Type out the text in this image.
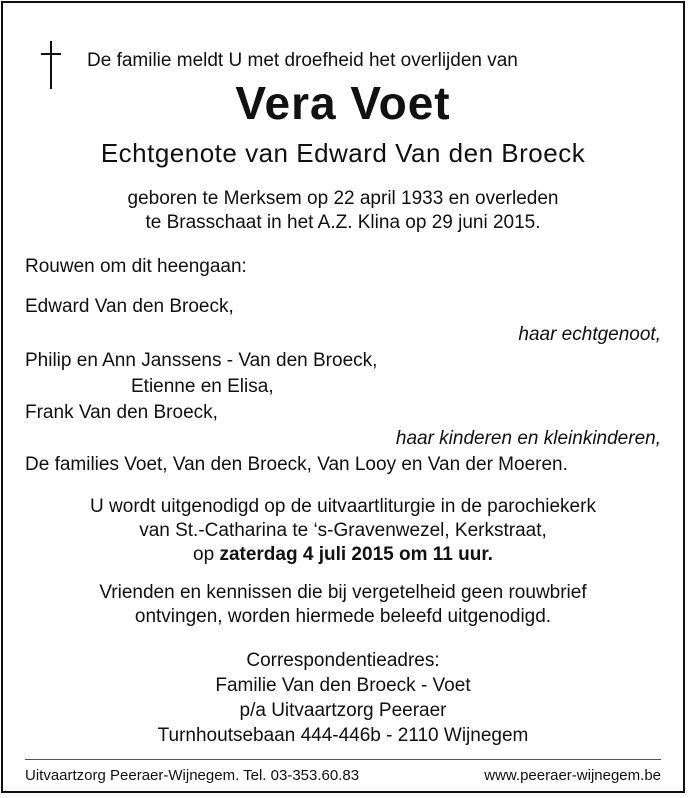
De familie meldt U met droefheid het overlijden van
Vera Voet
Echtgenote van Edward Van den Broeck
geboren te Merksem op 22 april 1933 en overleden
te Brasschaat in het A.Z. Klina op 29 juni 2015.
Rouwen om dit heengaan:
Edward Van den Broeck,
haar echtgenoot,
Philip en Ann Janssens - Van den Broeck,
Etienne en Elisa,
Frank Van den Broeck,
haar kinderen en kleinkinderen,
De families Voet, Van den Broeck, Van Looy en Van der Moeren.
U wordt uitgenodigd op de uitvaartliturgie in de parochiekerk
van St.-Catharina te ‘s-Gravenwezel, Kerkstraat,
op zaterdag 4 juli 2015 om 11 uur.
Vrienden en kennissen die bij vergetelheid geen rouwbrief
ontvingen, worden hiermede beleefd uitgenodigd.
Correspondentieadres:
Familie Van den Broeck - Voet
p/a Uitvaartzorg Peeraer
Turnhoutsebaan 444-446b - 2110 Wijnegem
Uitvaartzorg Peeraer-Wijnegem. Tel. 03-353.60.83	www.peeraer-wijnegem.be
